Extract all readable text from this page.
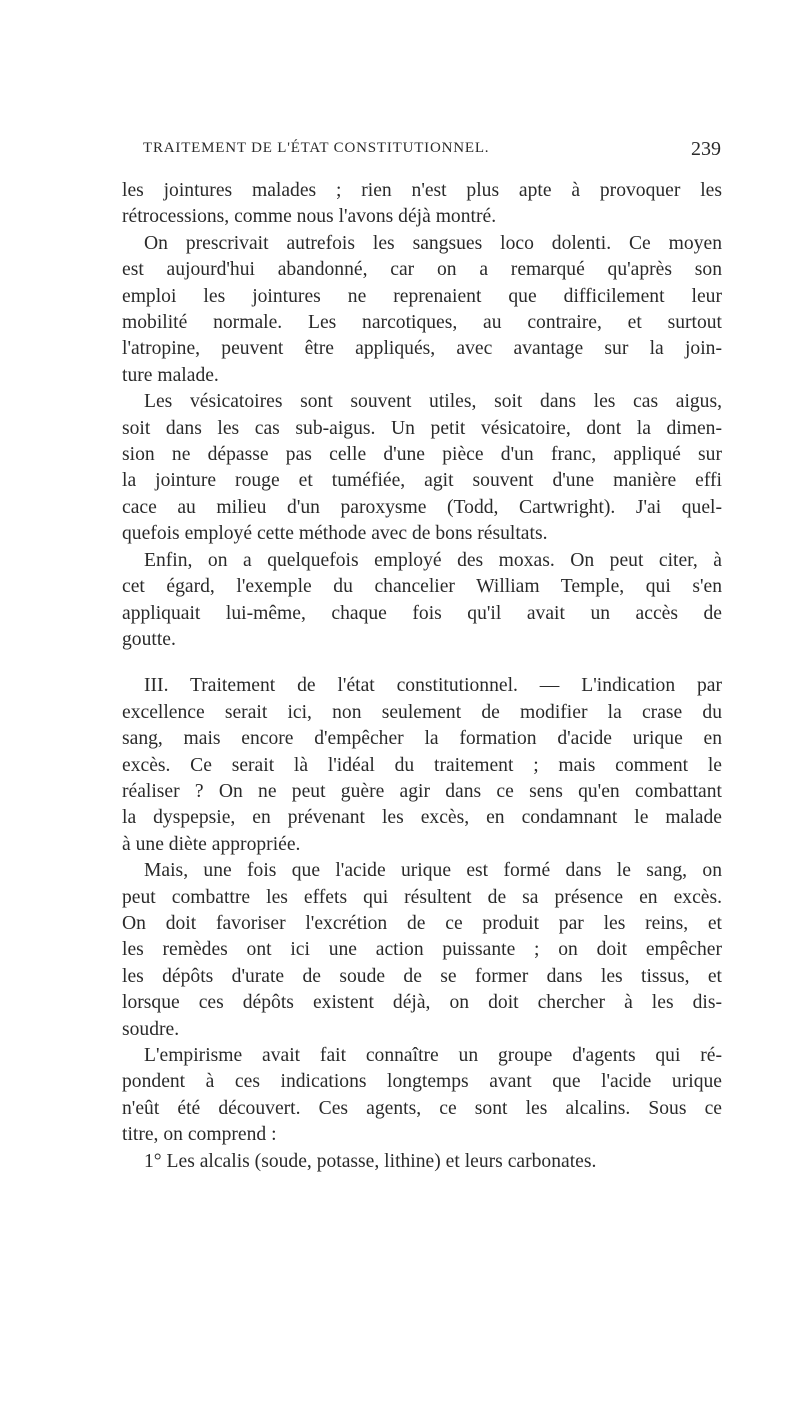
TRAITEMENT DE L'ÉTAT CONSTITUTIONNEL.	239
les jointures malades ; rien n'est plus apte à provoquer les
rétrocessions, comme nous l'avons déjà montré.
On prescrivait autrefois les sangsues loco dolenti. Ce moyen
est aujourd'hui abandonné, car on a remarqué qu'après son
emploi les jointures ne reprenaient que difficilement leur
mobilité normale. Les narcotiques, au contraire, et surtout
l'atropine, peuvent être appliqués, avec avantage sur la join-
ture malade.
Les vésicatoires sont souvent utiles, soit dans les cas aigus,
soit dans les cas sub-aigus. Un petit vésicatoire, dont la dimen-
sion ne dépasse pas celle d'une pièce d'un franc, appliqué sur
la jointure rouge et tuméfiée, agit souvent d'une manière effi
cace au milieu d'un paroxysme (Todd, Cartwright). J'ai quel-
quefois employé cette méthode avec de bons résultats.
Enfin, on a quelquefois employé des moxas. On peut citer, à
cet égard, l'exemple du chancelier William Temple, qui s'en
appliquait lui-même, chaque fois qu'il avait un accès de
goutte.
III. Traitement de l'état constitutionnel. — L'indication par
excellence serait ici, non seulement de modifier la crase du
sang, mais encore d'empêcher la formation d'acide urique en
excès. Ce serait là l'idéal du traitement ; mais comment le
réaliser ? On ne peut guère agir dans ce sens qu'en combattant
la dyspepsie, en prévenant les excès, en condamnant le malade
à une diète appropriée.
Mais, une fois que l'acide urique est formé dans le sang, on
peut combattre les effets qui résultent de sa présence en excès.
On doit favoriser l'excrétion de ce produit par les reins, et
les remèdes ont ici une action puissante ; on doit empêcher
les dépôts d'urate de soude de se former dans les tissus, et
lorsque ces dépôts existent déjà, on doit chercher à les dis-
soudre.
L'empirisme avait fait connaître un groupe d'agents qui ré-
pondent à ces indications longtemps avant que l'acide urique
n'eût été découvert. Ces agents, ce sont les alcalins. Sous ce
titre, on comprend :
1° Les alcalis (soude, potasse, lithine) et leurs carbonates.
